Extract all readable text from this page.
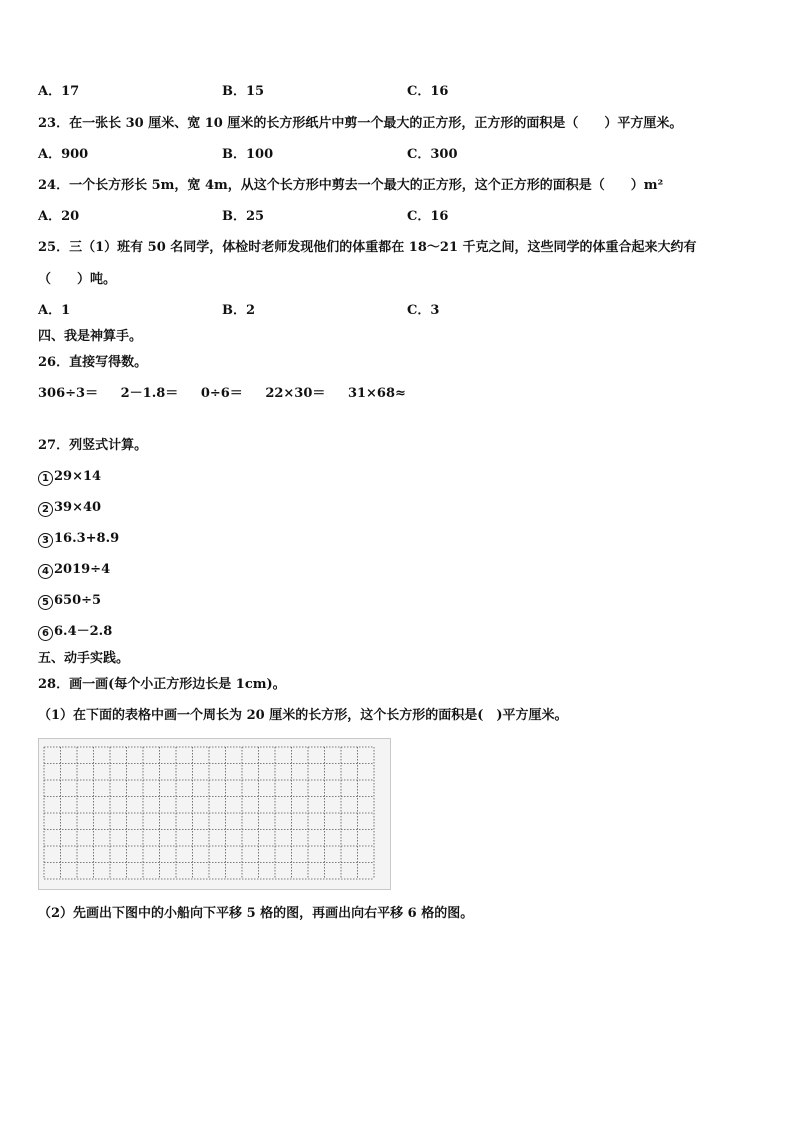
A．17	B．15	C．16
23．在一张长 30 厘米、宽 10 厘米的长方形纸片中剪一个最大的正方形，正方形的面积是（　　）平方厘米。
A．900	B．100	C．300
24．一个长方形长 5m，宽 4m，从这个长方形中剪去一个最大的正方形，这个正方形的面积是（　　）m²
A．20	B．25	C．16
25．三（1）班有 50 名同学，体检时老师发现他们的体重都在 18～21 千克之间，这些同学的体重合起来大约有
（　　）吨。
A．1	B．2	C．3
四、我是神算手。
26．直接写得数。
306÷3＝ 2－1.8＝ 0÷6＝ 22×30＝ 31×68≈
27．列竖式计算。
1 29×14
2 39×40
3 16.3+8.9
4 2019÷4
5 650÷5
6 6.4－2.8
五、动手实践。
28．画一画(每个小正方形边长是 1cm)。
（1）在下面的表格中画一个周长为 20 厘米的长方形，这个长方形的面积是(　)平方厘米。
（2）先画出下图中的小船向下平移 5 格的图，再画出向右平移 6 格的图。
